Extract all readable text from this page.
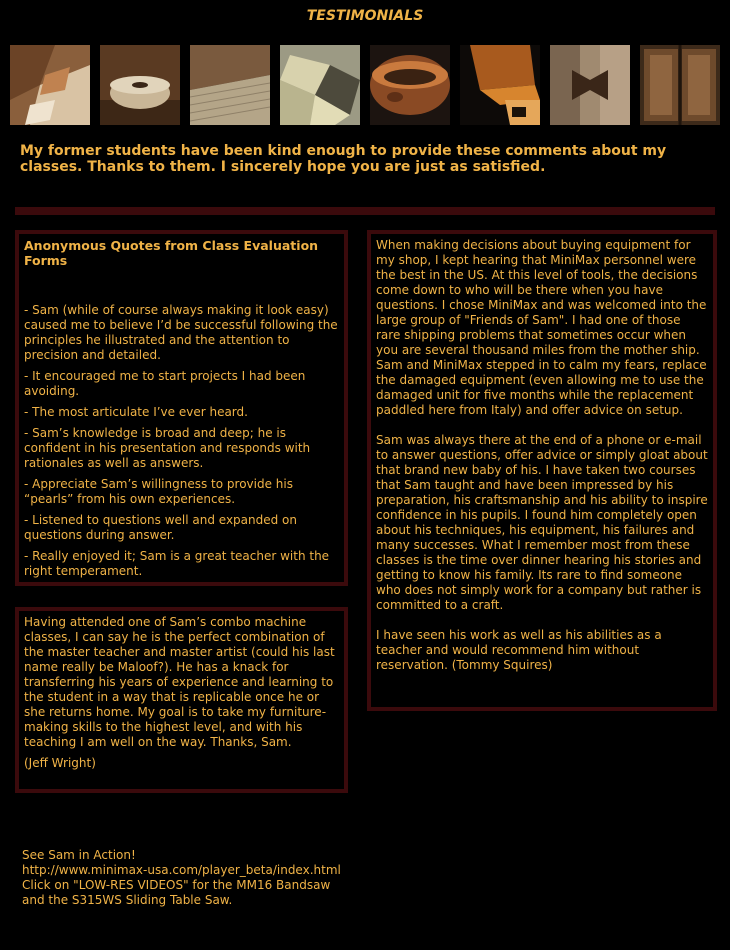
TESTIMONIALS
My former students have been kind enough to provide these comments about my classes. Thanks to them. I sincerely hope you are just as satisfied.
Anonymous Quotes from Class Evaluation Forms

- Sam (while of course always making it look easy) caused me to believe I’d be successful following the principles he illustrated and the attention to precision and detailed.

- It encouraged me to start projects I had been avoiding.

- The most articulate I’ve ever heard.

- Sam’s knowledge is broad and deep; he is confident in his presentation and responds with rationales as well as answers.

- Appreciate Sam’s willingness to provide his “pearls” from his own experiences.

- Listened to questions well and expanded on questions during answer.

- Really enjoyed it; Sam is a great teacher with the right temperament.

Having attended one of Sam’s combo machine classes, I can say he is the perfect combination of the master teacher and master artist (could his last name really be Maloof?). He has a knack for transferring his years of experience and learning to the student in a way that is replicable once he or she returns home. My goal is to take my furniture-making skills to the highest level, and with his teaching I am well on the way. Thanks, Sam.

(Jeff Wright)

When making decisions about buying equipment for my shop, I kept hearing that MiniMax personnel were the best in the US. At this level of tools, the decisions come down to who will be there when you have questions. I chose MiniMax and was welcomed into the large group of "Friends of Sam". I had one of those rare shipping problems that sometimes occur when you are several thousand miles from the mother ship. Sam and MiniMax stepped in to calm my fears, replace the damaged equipment (even allowing me to use the damaged unit for five months while the replacement paddled here from Italy) and offer advice on setup.

Sam was always there at the end of a phone or e-mail to answer questions, offer advice or simply gloat about that brand new baby of his. I have taken two courses that Sam taught and have been impressed by his preparation, his craftsmanship and his ability to inspire confidence in his pupils. I found him completely open about his techniques, his equipment, his failures and many successes. What I remember most from these classes is the time over dinner hearing his stories and getting to know his family. Its rare to find someone who does not simply work for a company but rather is committed to a craft.

I have seen his work as well as his abilities as a teacher and would recommend him without reservation. (Tommy Squires)

See Sam in Action!
http://www.minimax-usa.com/player_beta/index.html
Click on "LOW-RES VIDEOS" for the MM16 Bandsaw
and the S315WS Sliding Table Saw.
